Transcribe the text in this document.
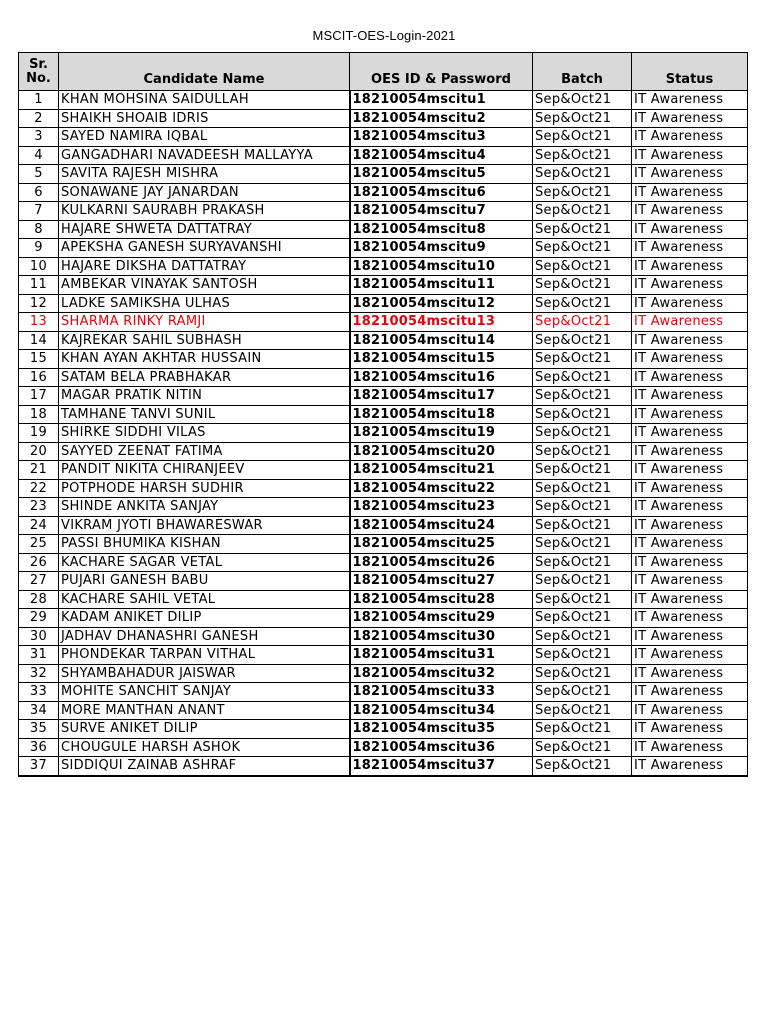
MSCIT-OES-Login-2021
Sr.
No.	Candidate Name	OES ID & Password	Batch	Status
1	KHAN MOHSINA SAIDULLAH	18210054mscitu1	Sep&Oct21	IT Awareness
2	SHAIKH SHOAIB IDRIS	18210054mscitu2	Sep&Oct21	IT Awareness
3	SAYED NAMIRA IQBAL	18210054mscitu3	Sep&Oct21	IT Awareness
4	GANGADHARI NAVADEESH MALLAYYA	18210054mscitu4	Sep&Oct21	IT Awareness
5	SAVITA RAJESH MISHRA	18210054mscitu5	Sep&Oct21	IT Awareness
6	SONAWANE JAY JANARDAN	18210054mscitu6	Sep&Oct21	IT Awareness
7	KULKARNI SAURABH PRAKASH	18210054mscitu7	Sep&Oct21	IT Awareness
8	HAJARE SHWETA DATTATRAY	18210054mscitu8	Sep&Oct21	IT Awareness
9	APEKSHA GANESH SURYAVANSHI	18210054mscitu9	Sep&Oct21	IT Awareness
10	HAJARE DIKSHA DATTATRAY	18210054mscitu10	Sep&Oct21	IT Awareness
11	AMBEKAR VINAYAK SANTOSH	18210054mscitu11	Sep&Oct21	IT Awareness
12	LADKE SAMIKSHA ULHAS	18210054mscitu12	Sep&Oct21	IT Awareness
13	SHARMA RINKY RAMJI	18210054mscitu13	Sep&Oct21	IT Awareness
14	KAJREKAR SAHIL SUBHASH	18210054mscitu14	Sep&Oct21	IT Awareness
15	KHAN AYAN AKHTAR HUSSAIN	18210054mscitu15	Sep&Oct21	IT Awareness
16	SATAM BELA PRABHAKAR	18210054mscitu16	Sep&Oct21	IT Awareness
17	MAGAR PRATIK NITIN	18210054mscitu17	Sep&Oct21	IT Awareness
18	TAMHANE TANVI SUNIL	18210054mscitu18	Sep&Oct21	IT Awareness
19	SHIRKE SIDDHI VILAS	18210054mscitu19	Sep&Oct21	IT Awareness
20	SAYYED ZEENAT FATIMA	18210054mscitu20	Sep&Oct21	IT Awareness
21	PANDIT NIKITA CHIRANJEEV	18210054mscitu21	Sep&Oct21	IT Awareness
22	POTPHODE HARSH SUDHIR	18210054mscitu22	Sep&Oct21	IT Awareness
23	SHINDE ANKITA SANJAY	18210054mscitu23	Sep&Oct21	IT Awareness
24	VIKRAM JYOTI BHAWARESWAR	18210054mscitu24	Sep&Oct21	IT Awareness
25	PASSI BHUMIKA KISHAN	18210054mscitu25	Sep&Oct21	IT Awareness
26	KACHARE SAGAR VETAL	18210054mscitu26	Sep&Oct21	IT Awareness
27	PUJARI GANESH BABU	18210054mscitu27	Sep&Oct21	IT Awareness
28	KACHARE SAHIL VETAL	18210054mscitu28	Sep&Oct21	IT Awareness
29	KADAM ANIKET DILIP	18210054mscitu29	Sep&Oct21	IT Awareness
30	JADHAV DHANASHRI GANESH	18210054mscitu30	Sep&Oct21	IT Awareness
31	PHONDEKAR TARPAN VITHAL	18210054mscitu31	Sep&Oct21	IT Awareness
32	SHYAMBAHADUR JAISWAR	18210054mscitu32	Sep&Oct21	IT Awareness
33	MOHITE SANCHIT SANJAY	18210054mscitu33	Sep&Oct21	IT Awareness
34	MORE MANTHAN ANANT	18210054mscitu34	Sep&Oct21	IT Awareness
35	SURVE ANIKET DILIP	18210054mscitu35	Sep&Oct21	IT Awareness
36	CHOUGULE HARSH ASHOK	18210054mscitu36	Sep&Oct21	IT Awareness
37	SIDDIQUI ZAINAB ASHRAF	18210054mscitu37	Sep&Oct21	IT Awareness
